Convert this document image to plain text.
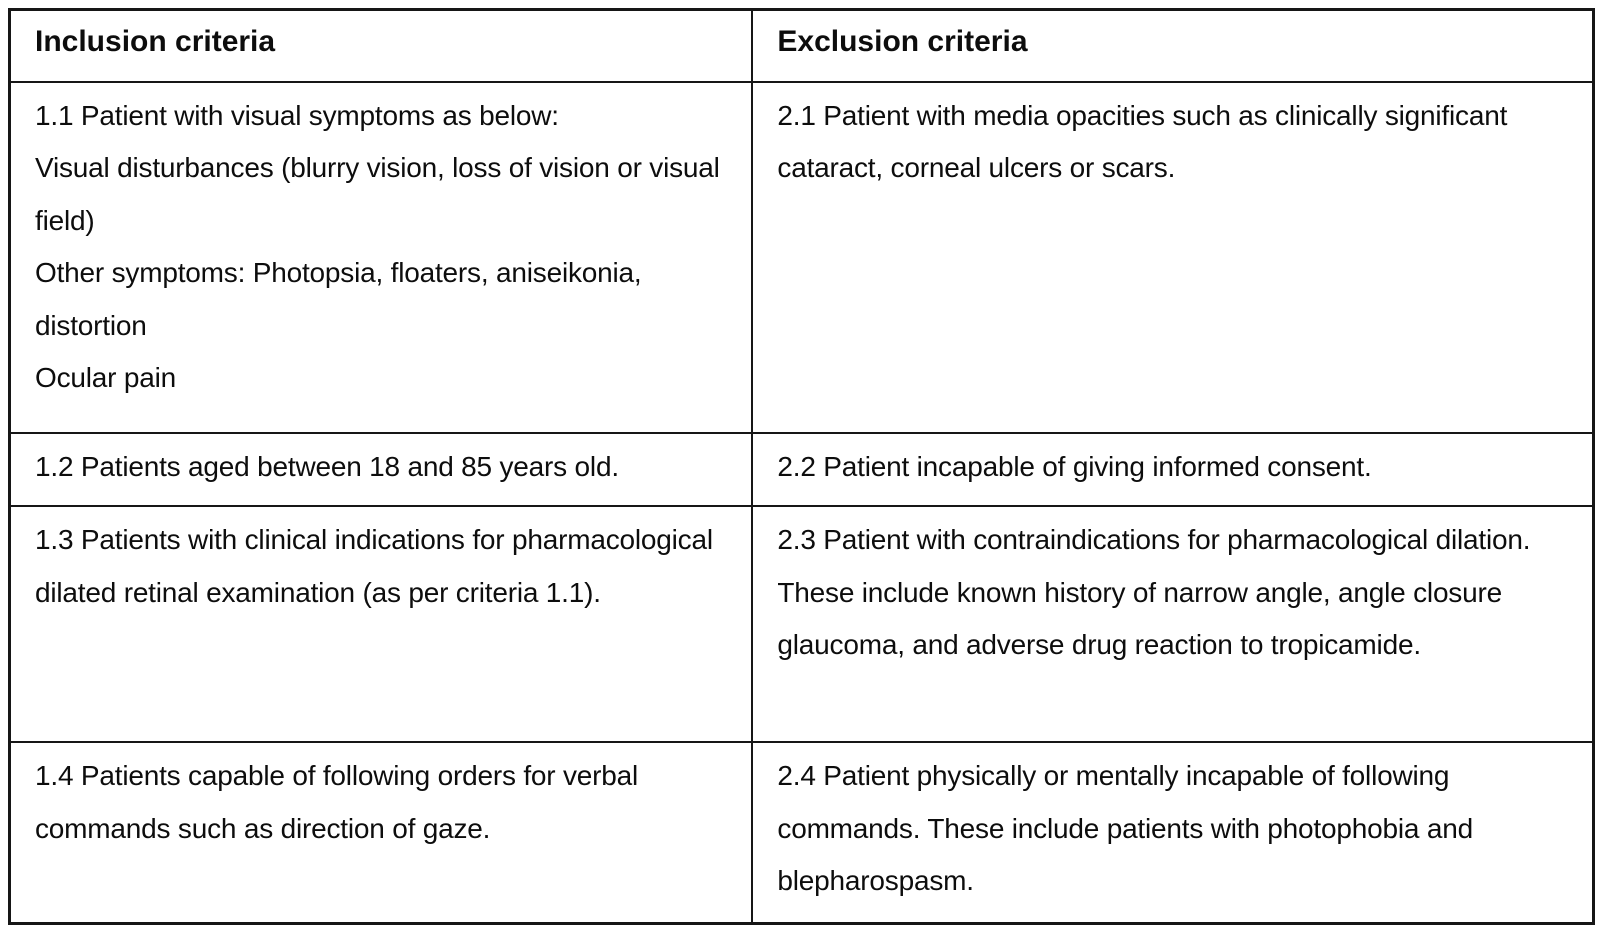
Inclusion criteria	Exclusion criteria

1.1 Patient with visual symptoms as below:

Visual disturbances (blurry vision, loss of vision or visual field)

Other symptoms: Photopsia, floaters, aniseikonia, distortion

Ocular pain	2.1 Patient with media opacities such as clinically significant cataract, corneal ulcers or scars.

1.2 Patients aged between 18 and 85 years old.	2.2 Patient incapable of giving informed consent.

1.3 Patients with clinical indications for pharmacological dilated retinal examination (as per criteria 1.1).	2.3 Patient with contraindications for pharmacological dilation. These include known history of narrow angle, angle closure glaucoma, and adverse drug reaction to tropicamide.

1.4 Patients capable of following orders for verbal commands such as direction of gaze.	2.4 Patient physically or mentally incapable of following commands. These include patients with photophobia and blepharospasm.
